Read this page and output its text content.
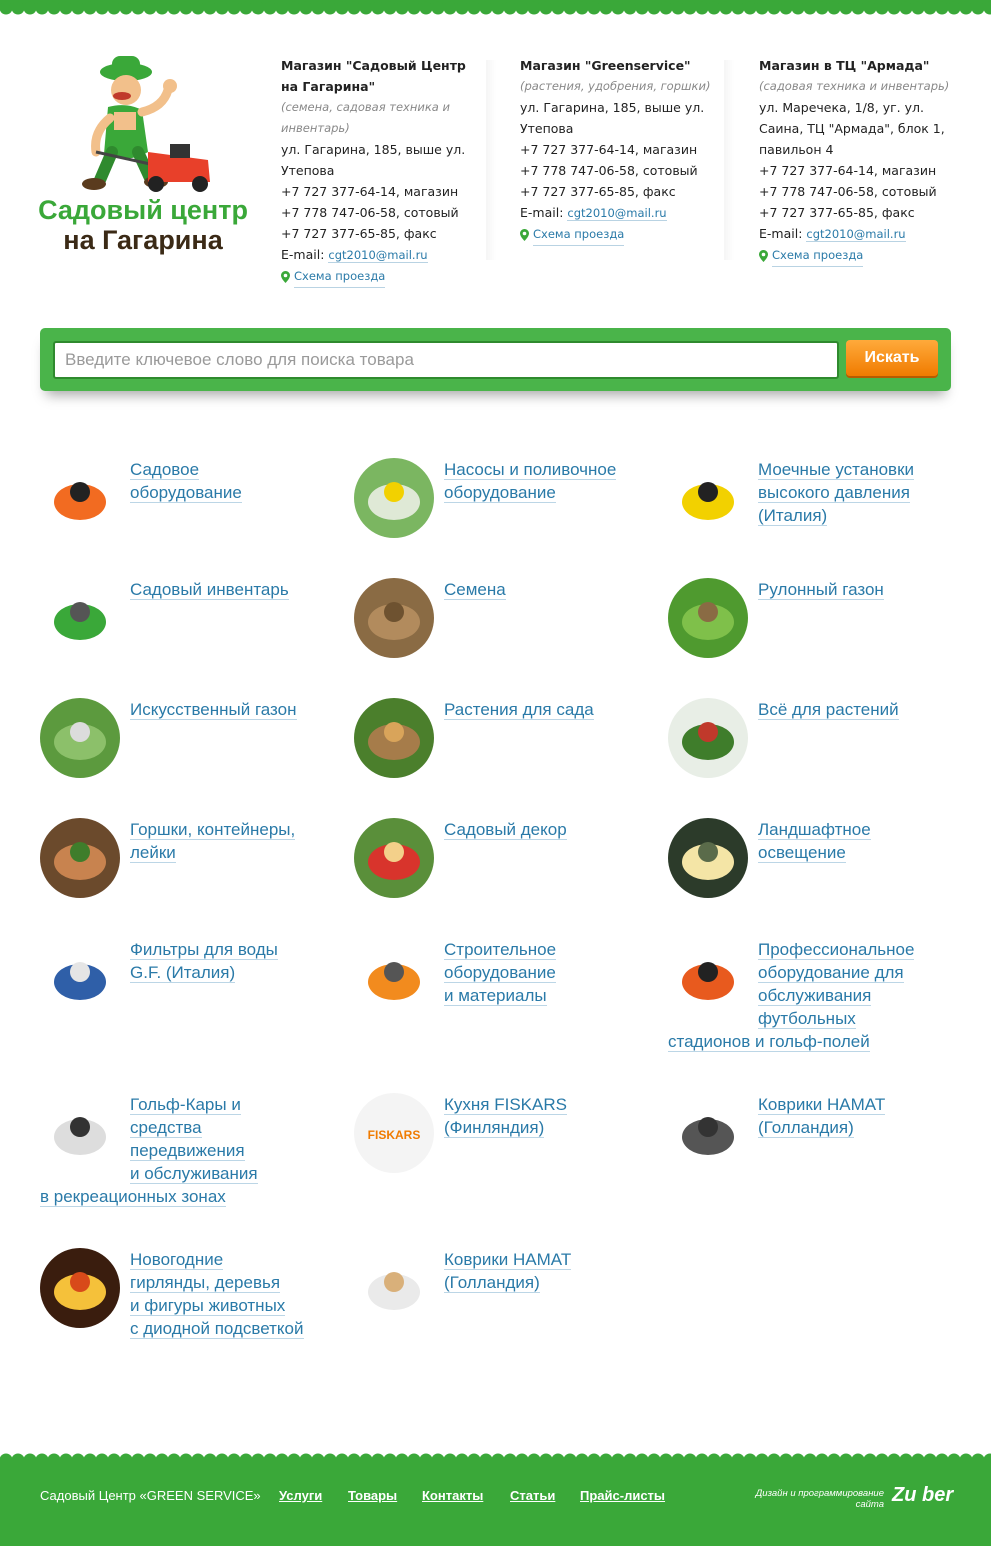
Садовый центр
на Гагарина
Магазин "Садовый Центр на Гагарина"
(семена, садовая техника и инвентарь)
ул. Гагарина, 185, выше ул. Утепова
+7 727 377-64-14, магазин
+7 778 747-06-58, сотовый
+7 727 377-65-85, факс
E-mail: cgt2010@mail.ru
Схема проезда
Магазин "Greenservice"
(растения, удобрения, горшки)
ул. Гагарина, 185, выше ул. Утепова
+7 727 377-64-14, магазин
+7 778 747-06-58, сотовый
+7 727 377-65-85, факс
E-mail: cgt2010@mail.ru
Схема проезда
Магазин в ТЦ "Армада"
(садовая техника и инвентарь)
ул. Маречека, 1/8, уг. ул. Саина, ТЦ "Армада", блок 1, павильон 4
+7 727 377-64-14, магазин
+7 778 747-06-58, сотовый
+7 727 377-65-85, факс
E-mail: cgt2010@mail.ru
Схема проезда
Введите ключевое слово для поиска товара
Искать
Садовое
оборудование
Насосы и поливочное
оборудование
Моечные установки
высокого давления
(Италия)
Садовый инвентарь	Семена	Рулонный газон
Искусственный газон	Растения для сада	Всё для растений
Горшки, контейнеры,
лейки
Садовый декор	Ландшафтное
освещение
Фильтры для воды
G.F. (Италия)
Строительное
оборудование
и материалы
Профессиональное
оборудование для
обслуживания
футбольных
стадионов и гольф-полей
Гольф-Кары и
средства
передвижения
и обслуживания
в рекреационных зонах
FISKARS
Кухня FISKARS
(Финляндия)
Коврики HAMAT
(Голландия)
Новогодние
гирлянды, деревья
и фигуры животных
с диодной подсветкой
Коврики HAMAT
(Голландия)
Садовый Центр «GREEN SERVICE» Услуги Товары Контакты Статьи Прайс-листы	Дизайн и программирование
сайта Zu ber
